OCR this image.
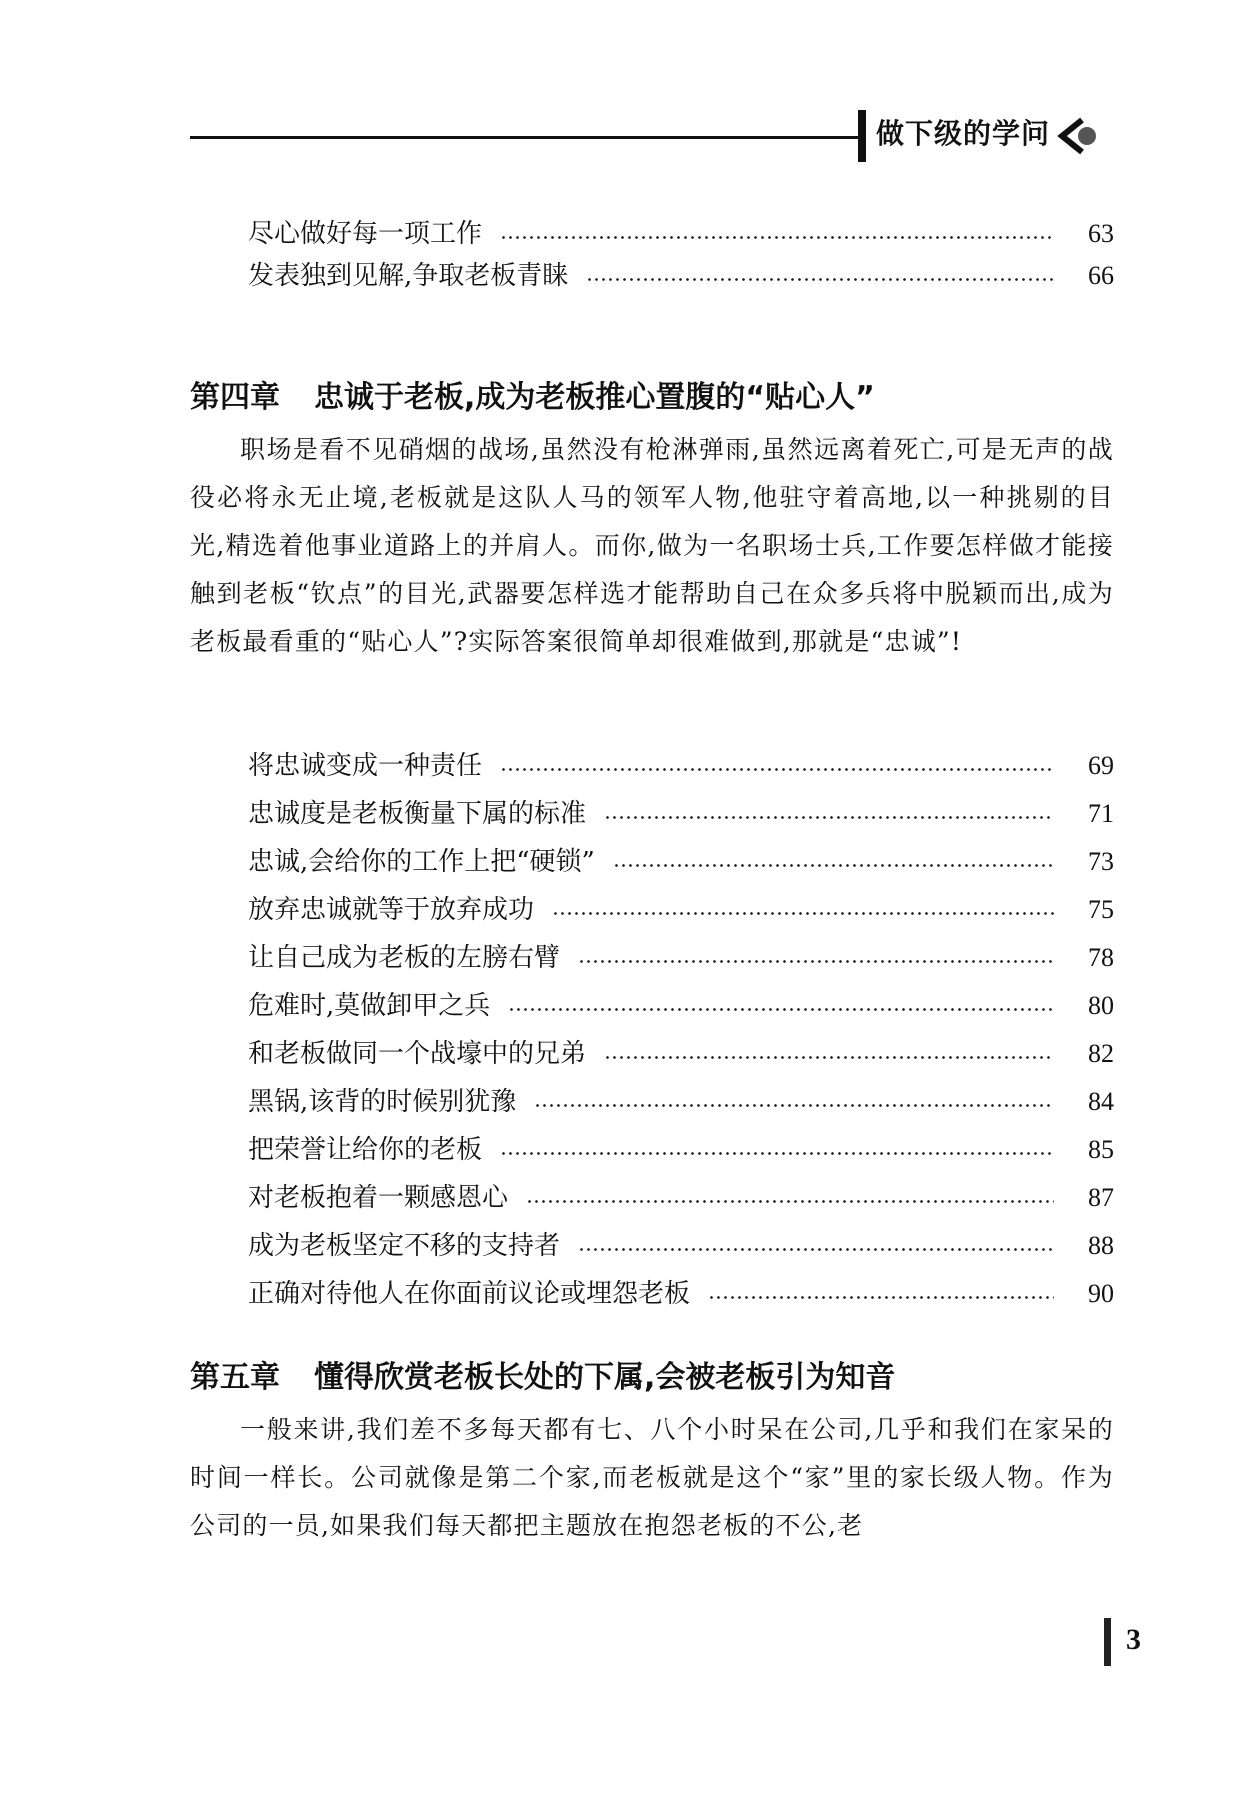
做下级的学问
尽心做好每一项工作	63
发表独到见解,争取老板青睐	66
第四章 忠诚于老板,成为老板推心置腹的“贴心人”

职场是看不见硝烟的战场,虽然没有枪淋弹雨,虽然远离着死亡,可是无声的战役必将永无止境,老板就是这队人马的领军人物,他驻守着高地,以一种挑剔的目光,精选着他事业道路上的并肩人。而你,做为一名职场士兵,工作要怎样做才能接触到老板“钦点”的目光,武器要怎样选才能帮助自己在众多兵将中脱颖而出,成为老板最看重的“贴心人”?实际答案很简单却很难做到,那就是“忠诚”!

将忠诚变成一种责任	69
忠诚度是老板衡量下属的标准	71
忠诚,会给你的工作上把“硬锁”	73
放弃忠诚就等于放弃成功	75
让自己成为老板的左膀右臂	78
危难时,莫做卸甲之兵	80
和老板做同一个战壕中的兄弟	82
黑锅,该背的时候别犹豫	84
把荣誉让给你的老板	85
对老板抱着一颗感恩心	87
成为老板坚定不移的支持者	88
正确对待他人在你面前议论或埋怨老板	90
第五章 懂得欣赏老板长处的下属,会被老板引为知音

一般来讲,我们差不多每天都有七、八个小时呆在公司,几乎和我们在家呆的时间一样长。公司就像是第二个家,而老板就是这个“家”里的家长级人物。作为公司的一员,如果我们每天都把主题放在抱怨老板的不公,老

3
